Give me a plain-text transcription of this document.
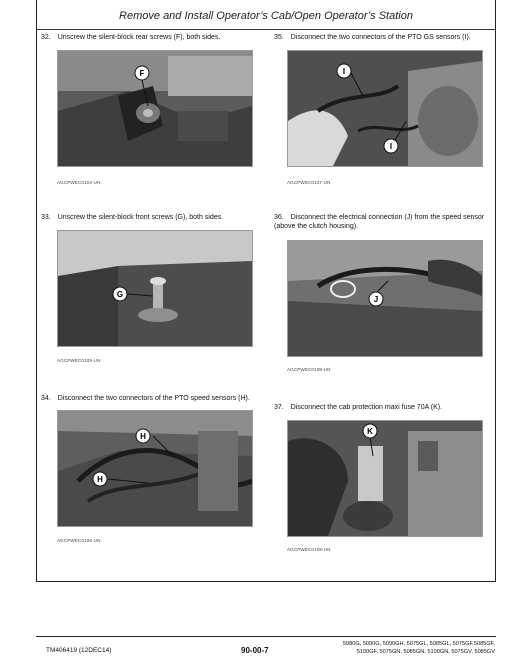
Remove and Install Operator’s Cab/Open Operator’s Station
32. Unscrew the silent-block rear screws (F), both sides.
F
AGCPWEC0104-UN
33. Unscrew the silent-block front screws (G), both sides.
G
AGCPWEC0105-UN
34. Disconnect the two connectors of the PTO speed sensors (H).
H
H
AGCPWEC0106-UN
35. Disconnect the two connectors of the PTO GS sensors (I).
I
I
AGCPWEC0107-UN
36. Disconnect the electrical connection (J) from the speed sensor (above the clutch housing).
J
AGCPWEC0108-UN
37. Disconnect the cab protection maxi fuse 70A (K).
K
AGCPWEC0109-UN
TM406419 (12DEC14)	90-00-7
5080G, 5090G, 5090GH, 5075GL, 5085GL, 5075GF,5085GF,
5100GF, 5075GN, 5085GN, 5100GN, 5075GV, 5085GV
